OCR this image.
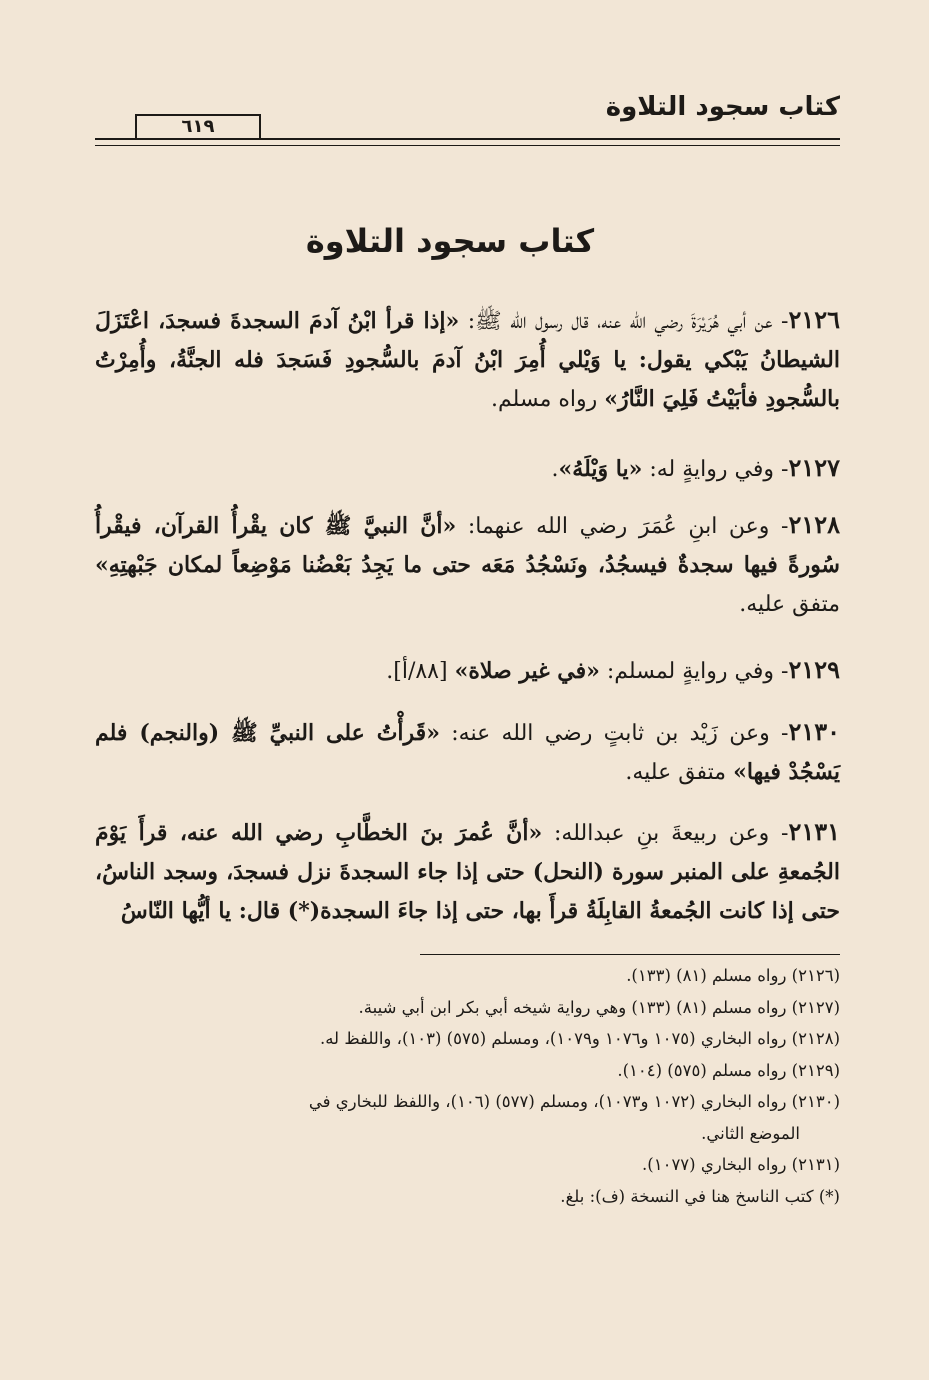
كتاب سجود التلاوة
٦١٩
كتاب سجود التلاوة
٢١٢٦- عن أبي هُرَيْرَةَ رضي الله عنه، قال رسول الله ﷺ: «إذا قرأ ابْنُ آدمَ السجدةَ فسجدَ، اعْتَزَلَ الشيطانُ يَبْكي يقول: يا وَيْلي أُمِرَ ابْنُ آدمَ بالسُّجودِ فَسَجدَ فله الجنَّةُ، وأُمِرْتُ بالسُّجودِ فأبَيْتُ فَلِيَ النَّارُ» رواه مسلم.
٢١٢٧- وفي روايةٍ له: «يا وَيْلَهُ».
٢١٢٨- وعن ابنِ عُمَرَ رضي الله عنهما: «أنَّ النبيَّ ﷺ كان يقْرأُ القرآن، فيقْرأُ سُورةً فيها سجدةٌ فيسجُدُ، ونَسْجُدُ مَعَه حتى ما يَجِدُ بَعْضُنا مَوْضِعاً لمكان جَبْهتِهِ» متفق عليه.
٢١٢٩- وفي روايةٍ لمسلم: «في غير صلاة» [٨٨/أ].
٢١٣٠- وعن زَيْد بن ثابتٍ رضي الله عنه: «قَرأْتُ على النبيِّ ﷺ (والنجم) فلم يَسْجُدْ فيها» متفق عليه.
٢١٣١- وعن ربيعةَ بنِ عبدالله: «أنَّ عُمرَ بنَ الخطَّابِ رضي الله عنه، قرأَ يَوْمَ الجُمعةِ على المنبر سورة (النحل) حتى إذا جاء السجدةَ نزل فسجدَ، وسجد الناسُ، حتى إذا كانت الجُمعةُ القابِلَةُ قرأَ بها، حتى إذا جاءَ السجدة(*) قال: يا أيُّها النّاسُ
(٢١٢٦) رواه مسلم (٨١) (١٣٣).
(٢١٢٧) رواه مسلم (٨١) (١٣٣) وهي رواية شيخه أبي بكر ابن أبي شيبة.
(٢١٢٨) رواه البخاري (١٠٧٥ و١٠٧٦ و١٠٧٩)، ومسلم (٥٧٥) (١٠٣)، واللفظ له.
(٢١٢٩) رواه مسلم (٥٧٥) (١٠٤).
(٢١٣٠) رواه البخاري (١٠٧٢ و١٠٧٣)، ومسلم (٥٧٧) (١٠٦)، واللفظ للبخاري في
الموضع الثاني.
(٢١٣١) رواه البخاري (١٠٧٧).
(*) كتب الناسخ هنا في النسخة (ف): بلغ.
